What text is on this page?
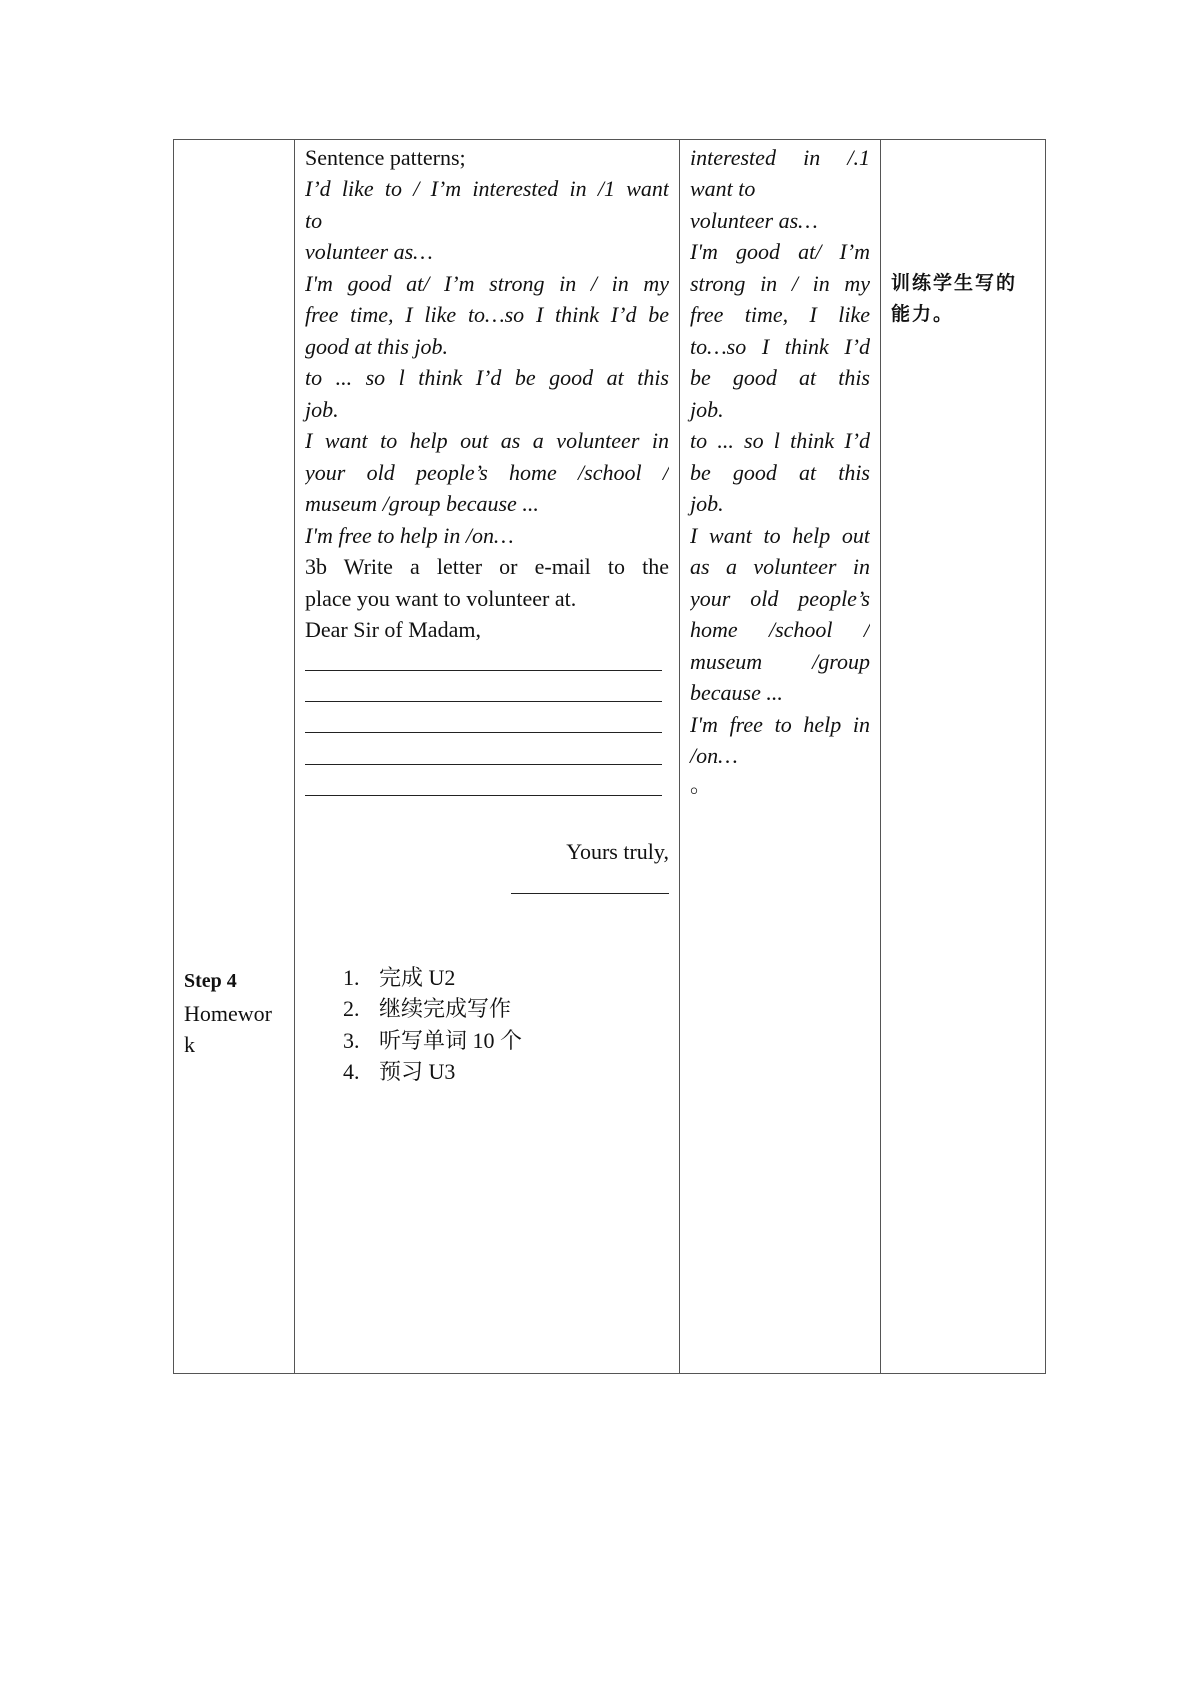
Step 4
Homewor
k

Sentence patterns;
I’d like to / I’m interested in /1 want
to
volunteer as…
I'm good at/ I’m strong in / in my
free time, I like to…so I think I’d be
good at this job.
to ... so l think I’d be good at this
job.
I want to help out as a volunteer in
your old people’s home /school /
museum /group because ...
I'm free to help in /on…
3b Write a letter or e-mail to the
place you want to volunteer at.
Dear Sir of Madam,
Yours truly,
1. 完成 U2
2. 继续完成写作
3. 听写单词 10 个
4. 预习 U3

interested in /.1
want to
volunteer as…
I'm good at/ I’m
strong in / in my
free time, I like
to…so I think I’d
be good at this
job.
to ... so l think I’d
be good at this
job.
I want to help out
as a volunteer in
your old people’s
home /school /
museum /group
because ...
I'm free to help in
/on…
。

训练学生写的
能力。
